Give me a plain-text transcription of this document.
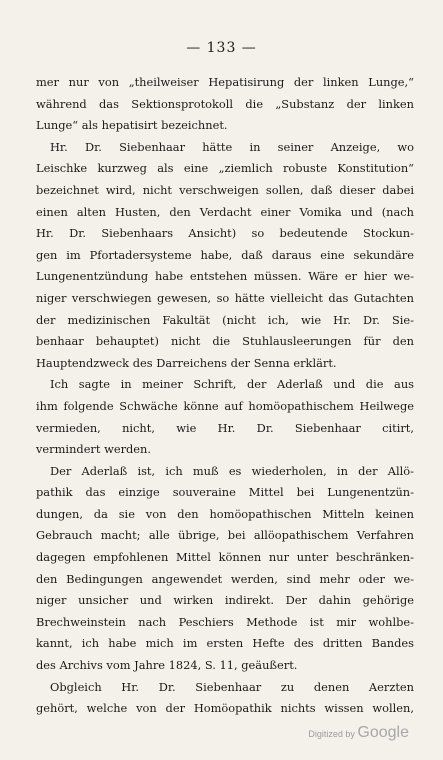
— 133 —
mer nur von „theilweiser Hepatisirung der linken Lunge,“
während das Sektionsprotokoll die „Substanz der linken
Lunge“ als hepatisirt bezeichnet.
Hr. Dr. Siebenhaar hätte in seiner Anzeige, wo
Leischke kurzweg als eine „ziemlich robuste Konstitution“
bezeichnet wird, nicht verschweigen sollen, daß dieser dabei
einen alten Husten, den Verdacht einer Vomika und (nach
Hr. Dr. Siebenhaars Ansicht) so bedeutende Stockun-
gen im Pfortadersysteme habe, daß daraus eine sekundäre
Lungenentzündung habe entstehen müssen. Wäre er hier we-
niger verschwiegen gewesen, so hätte vielleicht das Gutachten
der medizinischen Fakultät (nicht ich, wie Hr. Dr. Sie-
benhaar behauptet) nicht die Stuhlausleerungen für den
Hauptendzweck des Darreichens der Senna erklärt.
Ich sagte in meiner Schrift, der Aderlaß und die aus
ihm folgende Schwäche könne auf homöopathischem Heilwege
vermieden, nicht, wie Hr. Dr. Siebenhaar citirt,
vermindert werden.
Der Aderlaß ist, ich muß es wiederholen, in der Allö-
pathik das einzige souveraine Mittel bei Lungenentzün-
dungen, da sie von den homöopathischen Mitteln keinen
Gebrauch macht; alle übrige, bei allöopathischem Verfahren
dagegen empfohlenen Mittel können nur unter beschränken-
den Bedingungen angewendet werden, sind mehr oder we-
niger unsicher und wirken indirekt. Der dahin gehörige
Brechweinstein nach Peschiers Methode ist mir wohlbe-
kannt, ich habe mich im ersten Hefte des dritten Bandes
des Archivs vom Jahre 1824, S. 11, geäußert.
Obgleich Hr. Dr. Siebenhaar zu denen Aerzten
gehört, welche von der Homöopathik nichts wissen wollen,
Digitized by Google
